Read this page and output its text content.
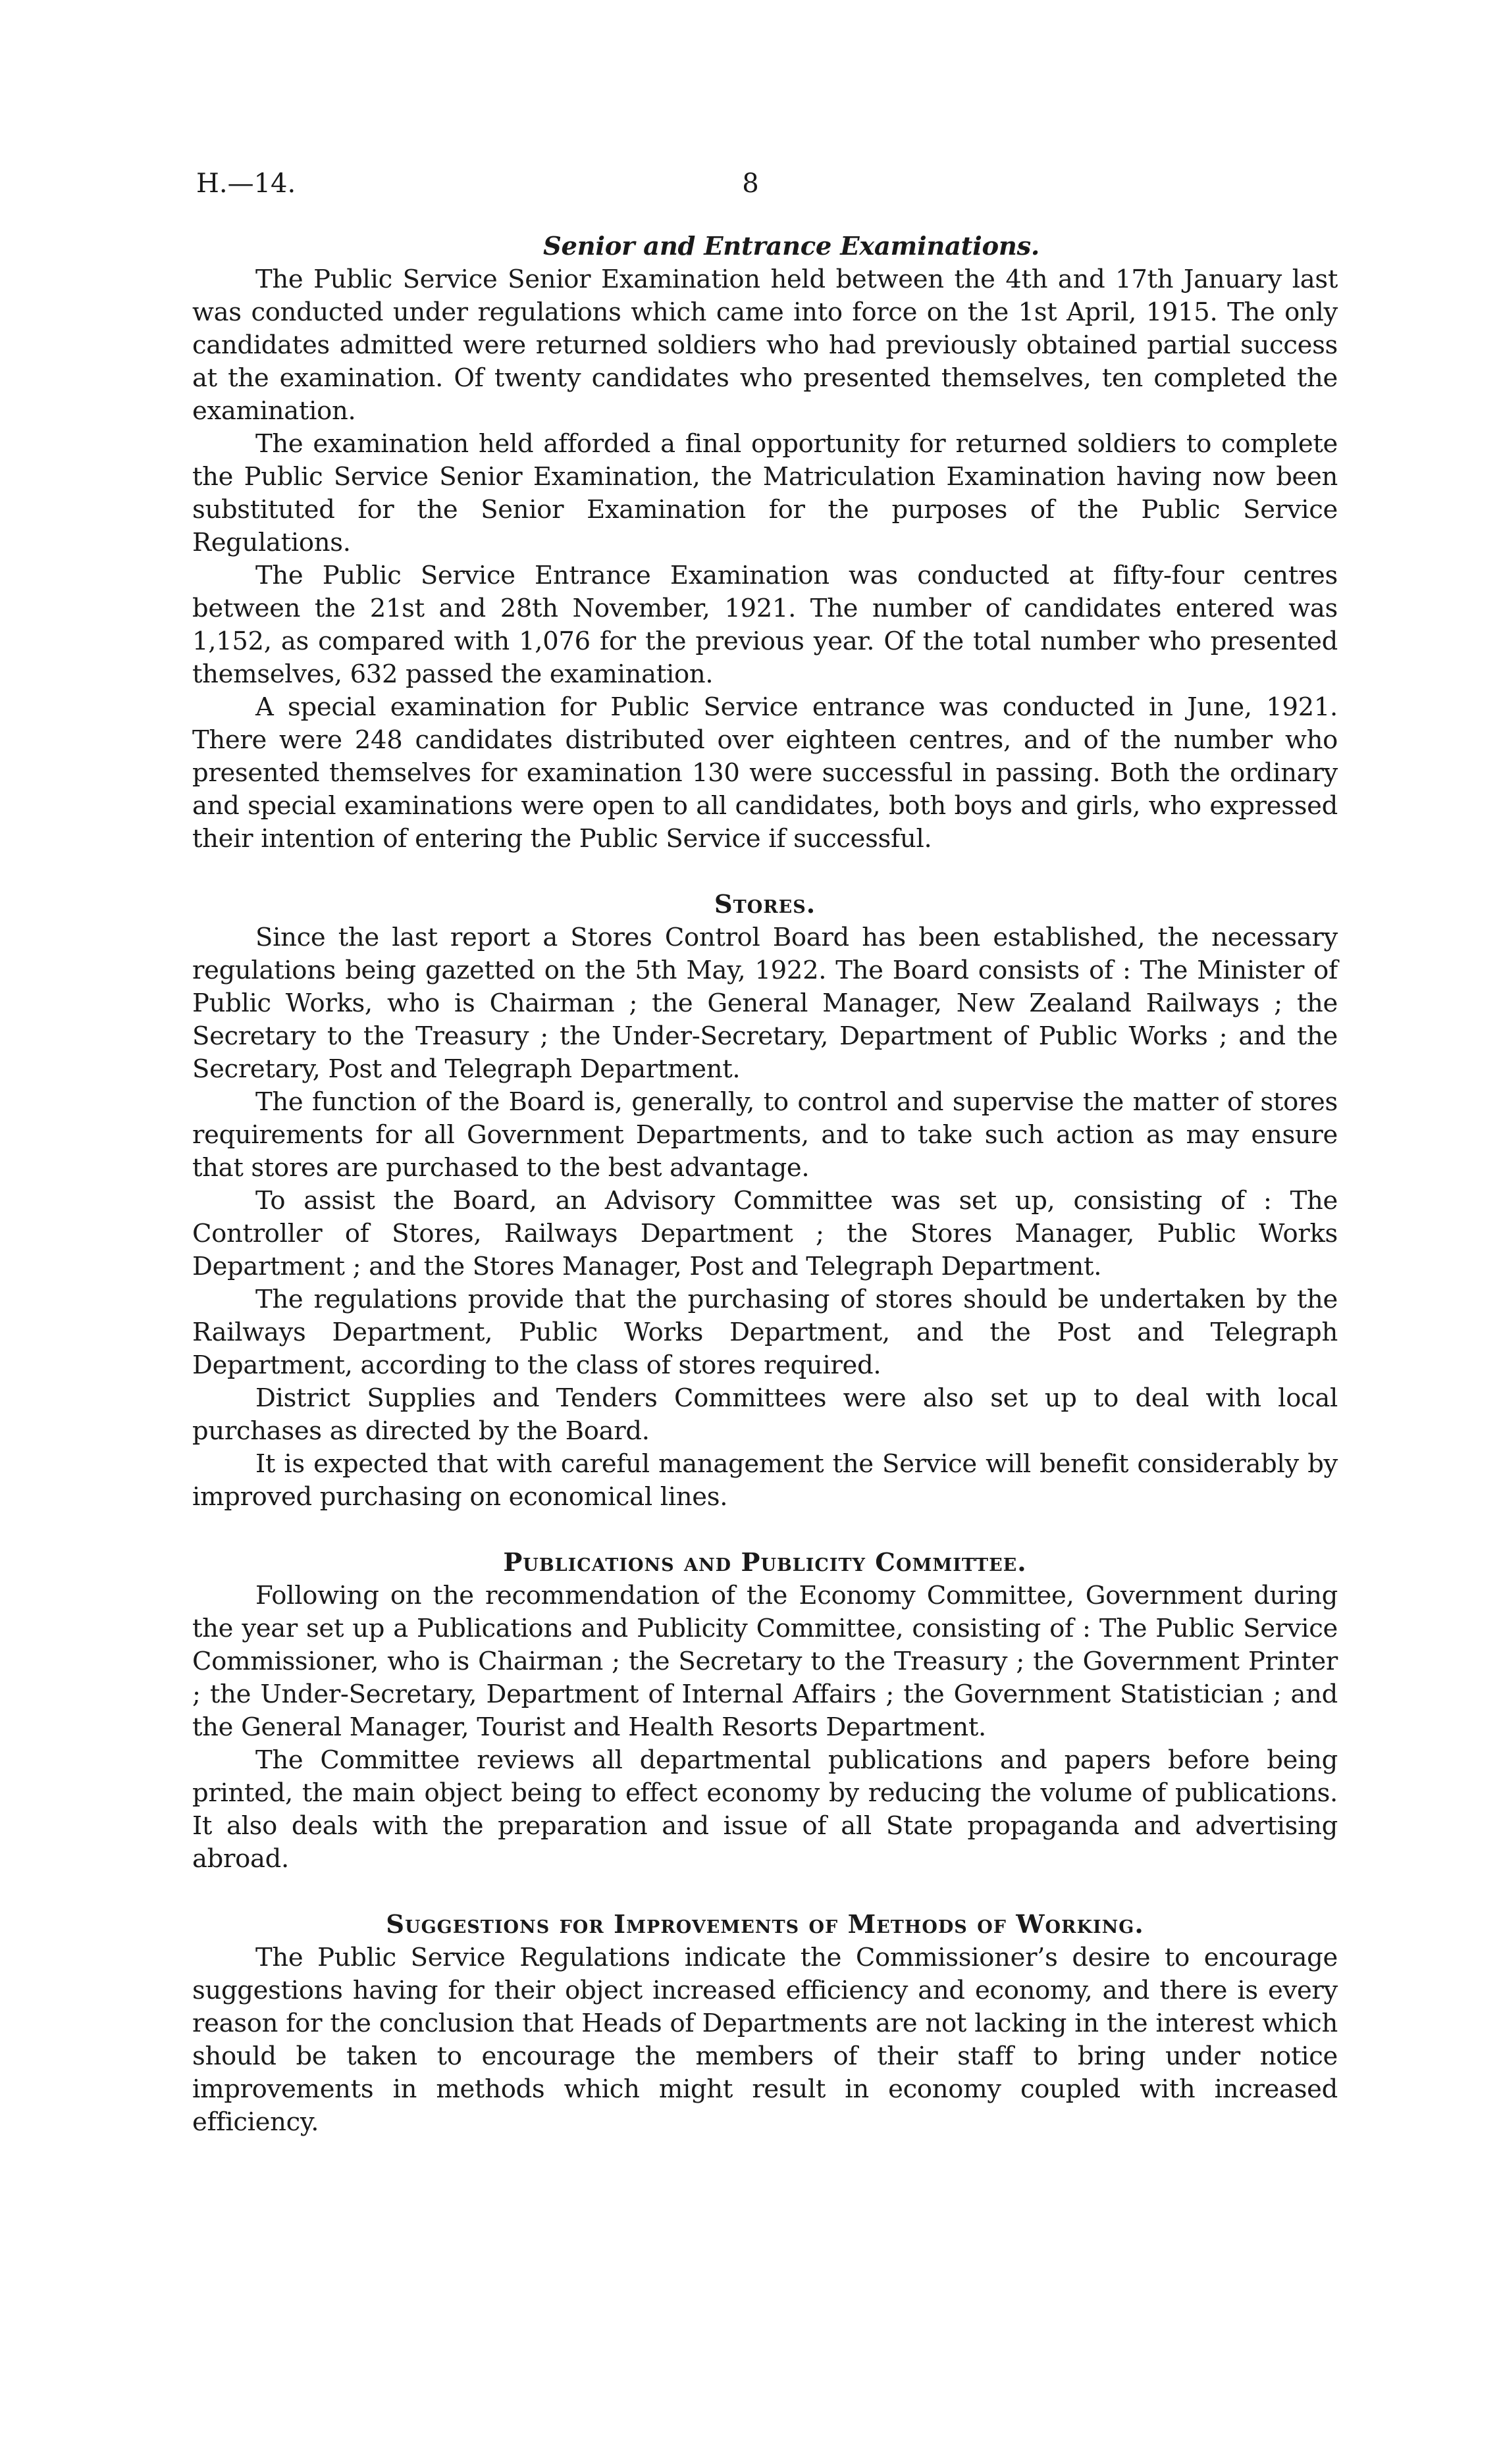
H.—14.	8
Senior and Entrance Examinations.

The Public Service Senior Examination held between the 4th and 17th January last was conducted under regulations which came into force on the 1st April, 1915. The only candidates admitted were returned soldiers who had previously obtained partial success at the examination. Of twenty candidates who presented themselves, ten completed the examination.

The examination held afforded a final opportunity for returned soldiers to complete the Public Service Senior Examination, the Matriculation Examination having now been substituted for the Senior Examination for the purposes of the Public Service Regulations.

The Public Service Entrance Examination was conducted at fifty-four centres between the 21st and 28th November, 1921. The number of candidates entered was 1,152, as compared with 1,076 for the previous year. Of the total number who presented themselves, 632 passed the examination.

A special examination for Public Service entrance was conducted in June, 1921. There were 248 candidates distributed over eighteen centres, and of the number who presented themselves for examination 130 were successful in passing. Both the ordinary and special examinations were open to all candidates, both boys and girls, who expressed their intention of entering the Public Service if successful.

Stores.

Since the last report a Stores Control Board has been established, the necessary regulations being gazetted on the 5th May, 1922. The Board consists of : The Minister of Public Works, who is Chairman ; the General Manager, New Zealand Railways ; the Secretary to the Treasury ; the Under-Secretary, Department of Public Works ; and the Secretary, Post and Telegraph Department.

The function of the Board is, generally, to control and supervise the matter of stores requirements for all Government Departments, and to take such action as may ensure that stores are purchased to the best advantage.

To assist the Board, an Advisory Committee was set up, consisting of : The Controller of Stores, Railways Department ; the Stores Manager, Public Works Department ; and the Stores Manager, Post and Telegraph Department.

The regulations provide that the purchasing of stores should be undertaken by the Railways Department, Public Works Department, and the Post and Telegraph Department, according to the class of stores required.

District Supplies and Tenders Committees were also set up to deal with local purchases as directed by the Board.

It is expected that with careful management the Service will benefit considerably by improved purchasing on economical lines.

Publications and Publicity Committee.

Following on the recommendation of the Economy Committee, Government during the year set up a Publications and Publicity Committee, consisting of : The Public Service Commissioner, who is Chairman ; the Secretary to the Treasury ; the Government Printer ; the Under-Secretary, Department of Internal Affairs ; the Government Statistician ; and the General Manager, Tourist and Health Resorts Department.

The Committee reviews all departmental publications and papers before being printed, the main object being to effect economy by reducing the volume of publications. It also deals with the preparation and issue of all State propaganda and advertising abroad.

Suggestions for Improvements of Methods of Working.

The Public Service Regulations indicate the Commissioner’s desire to encourage suggestions having for their object increased efficiency and economy, and there is every reason for the conclusion that Heads of Departments are not lacking in the interest which should be taken to encourage the members of their staff to bring under notice improvements in methods which might result in economy coupled with increased efficiency.
